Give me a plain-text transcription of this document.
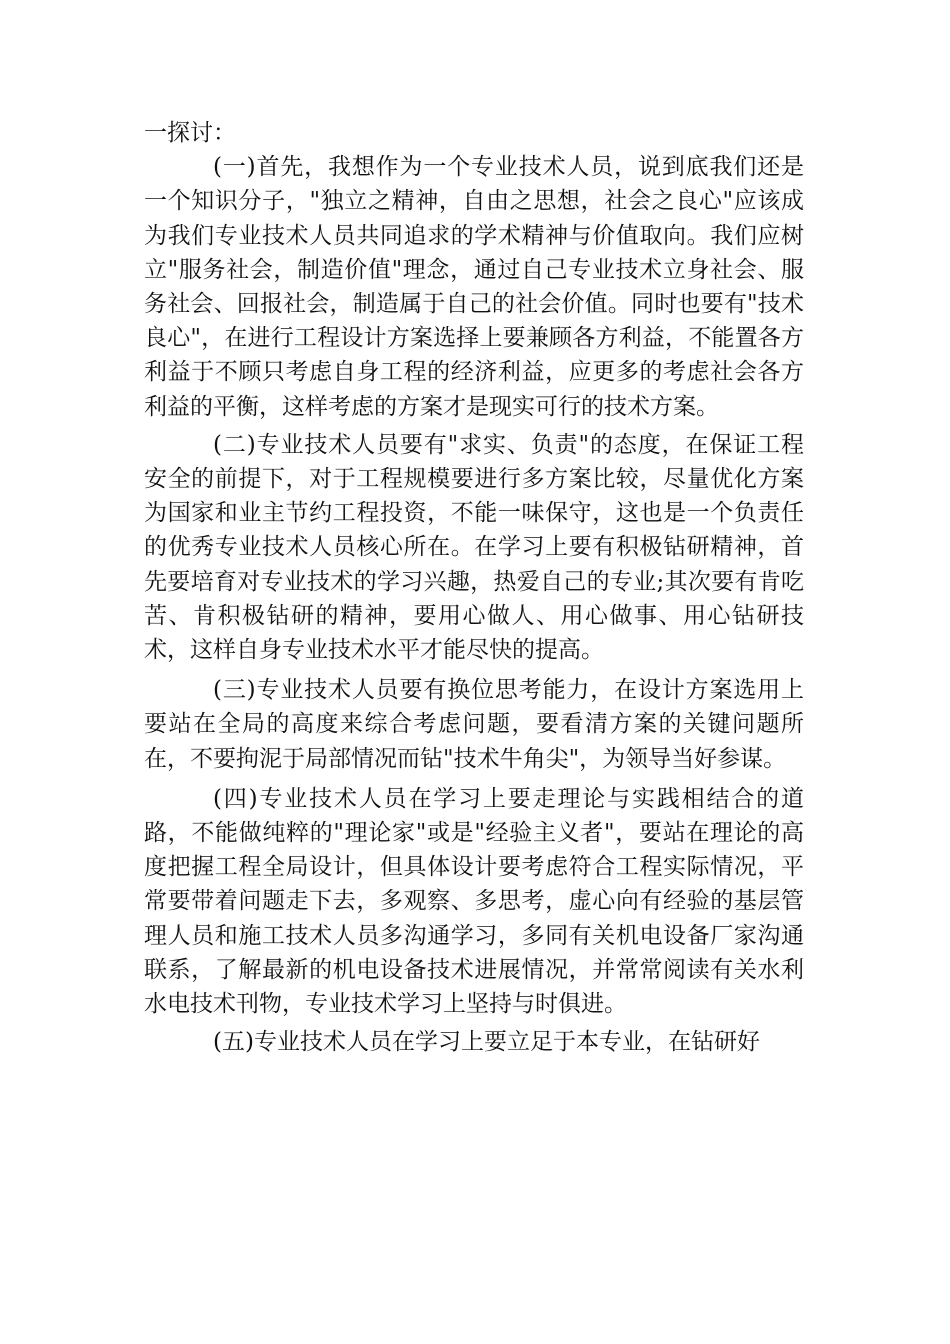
一探讨：

(一)首先，我想作为一个专业技术人员，说到底我们还是一个知识分子，"独立之精神，自由之思想，社会之良心"应该成为我们专业技术人员共同追求的学术精神与价值取向。我们应树立"服务社会，制造价值"理念，通过自己专业技术立身社会、服务社会、回报社会，制造属于自己的社会价值。同时也要有"技术良心"，在进行工程设计方案选择上要兼顾各方利益，不能置各方利益于不顾只考虑自身工程的经济利益，应更多的考虑社会各方利益的平衡，这样考虑的方案才是现实可行的技术方案。

(二)专业技术人员要有"求实、负责"的态度，在保证工程安全的前提下，对于工程规模要进行多方案比较，尽量优化方案为国家和业主节约工程投资，不能一味保守，这也是一个负责任的优秀专业技术人员核心所在。在学习上要有积极钻研精神，首先要培育对专业技术的学习兴趣，热爱自己的专业;其次要有肯吃苦、肯积极钻研的精神，要用心做人、用心做事、用心钻研技术，这样自身专业技术水平才能尽快的提高。

(三)专业技术人员要有换位思考能力，在设计方案选用上要站在全局的高度来综合考虑问题，要看清方案的关键问题所在，不要拘泥于局部情况而钻"技术牛角尖"，为领导当好参谋。

(四)专业技术人员在学习上要走理论与实践相结合的道路，不能做纯粹的"理论家"或是"经验主义者"，要站在理论的高度把握工程全局设计，但具体设计要考虑符合工程实际情况，平常要带着问题走下去，多观察、多思考，虚心向有经验的基层管理人员和施工技术人员多沟通学习，多同有关机电设备厂家沟通联系，了解最新的机电设备技术进展情况，并常常阅读有关水利水电技术刊物，专业技术学习上坚持与时俱进。

(五)专业技术人员在学习上要立足于本专业，在钻研好
